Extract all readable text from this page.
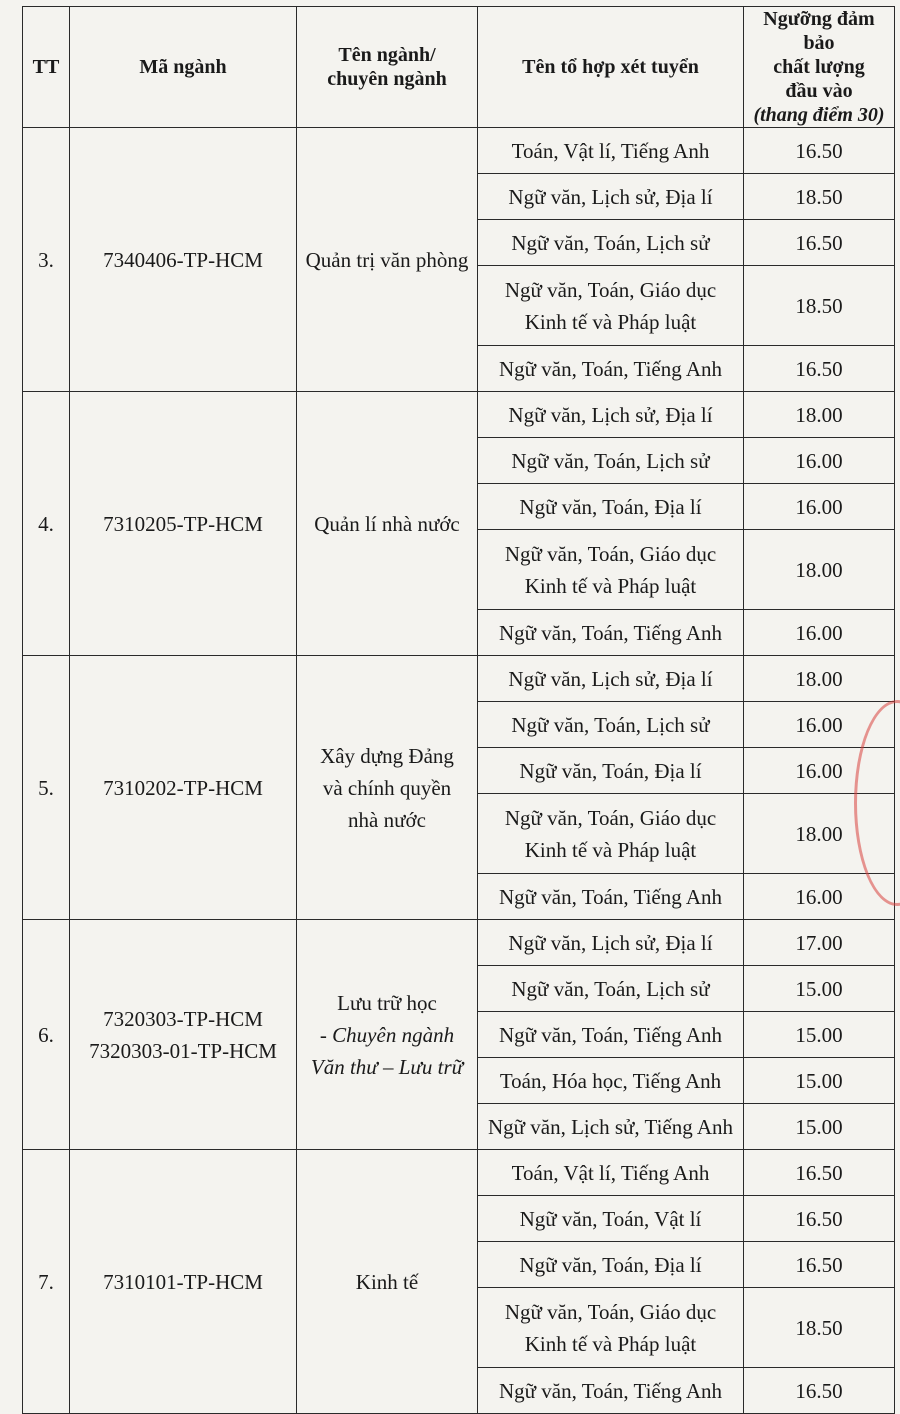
TT	Mã ngành	Tên ngành/
chuyên ngành	Tên tổ hợp xét tuyển	Ngưỡng đảm bảo
chất lượng
đầu vào
(thang điểm 30)

3.	7340406-TP-HCM	Quản trị văn phòng	Toán, Vật lí, Tiếng Anh	16.50

			Ngữ văn, Lịch sử, Địa lí	18.50

			Ngữ văn, Toán, Lịch sử	16.50

			Ngữ văn, Toán, Giáo dục
Kinh tế và Pháp luật	18.50

			Ngữ văn, Toán, Tiếng Anh	16.50
4.	7310205-TP-HCM	Quản lí nhà nước	Ngữ văn, Lịch sử, Địa lí	18.00

			Ngữ văn, Toán, Lịch sử	16.00

			Ngữ văn, Toán, Địa lí	16.00

			Ngữ văn, Toán, Giáo dục
Kinh tế và Pháp luật	18.00

			Ngữ văn, Toán, Tiếng Anh	16.00
5.	7310202-TP-HCM	Xây dựng Đảng
và chính quyền
nhà nước	Ngữ văn, Lịch sử, Địa lí	18.00

			Ngữ văn, Toán, Lịch sử	16.00

			Ngữ văn, Toán, Địa lí	16.00

			Ngữ văn, Toán, Giáo dục
Kinh tế và Pháp luật	18.00

			Ngữ văn, Toán, Tiếng Anh	16.00
6.	7320303-TP-HCM
7320303-01-TP-HCM	Lưu trữ học
- Chuyên ngành
Văn thư – Lưu trữ	Ngữ văn, Lịch sử, Địa lí	17.00

			Ngữ văn, Toán, Lịch sử	15.00

			Ngữ văn, Toán, Tiếng Anh	15.00

			Toán, Hóa học, Tiếng Anh	15.00

			Ngữ văn, Lịch sử, Tiếng Anh	15.00
7.	7310101-TP-HCM	Kinh tế	Toán, Vật lí, Tiếng Anh	16.50

			Ngữ văn, Toán, Vật lí	16.50

			Ngữ văn, Toán, Địa lí	16.50

			Ngữ văn, Toán, Giáo dục
Kinh tế và Pháp luật	18.50

			Ngữ văn, Toán, Tiếng Anh	16.50
